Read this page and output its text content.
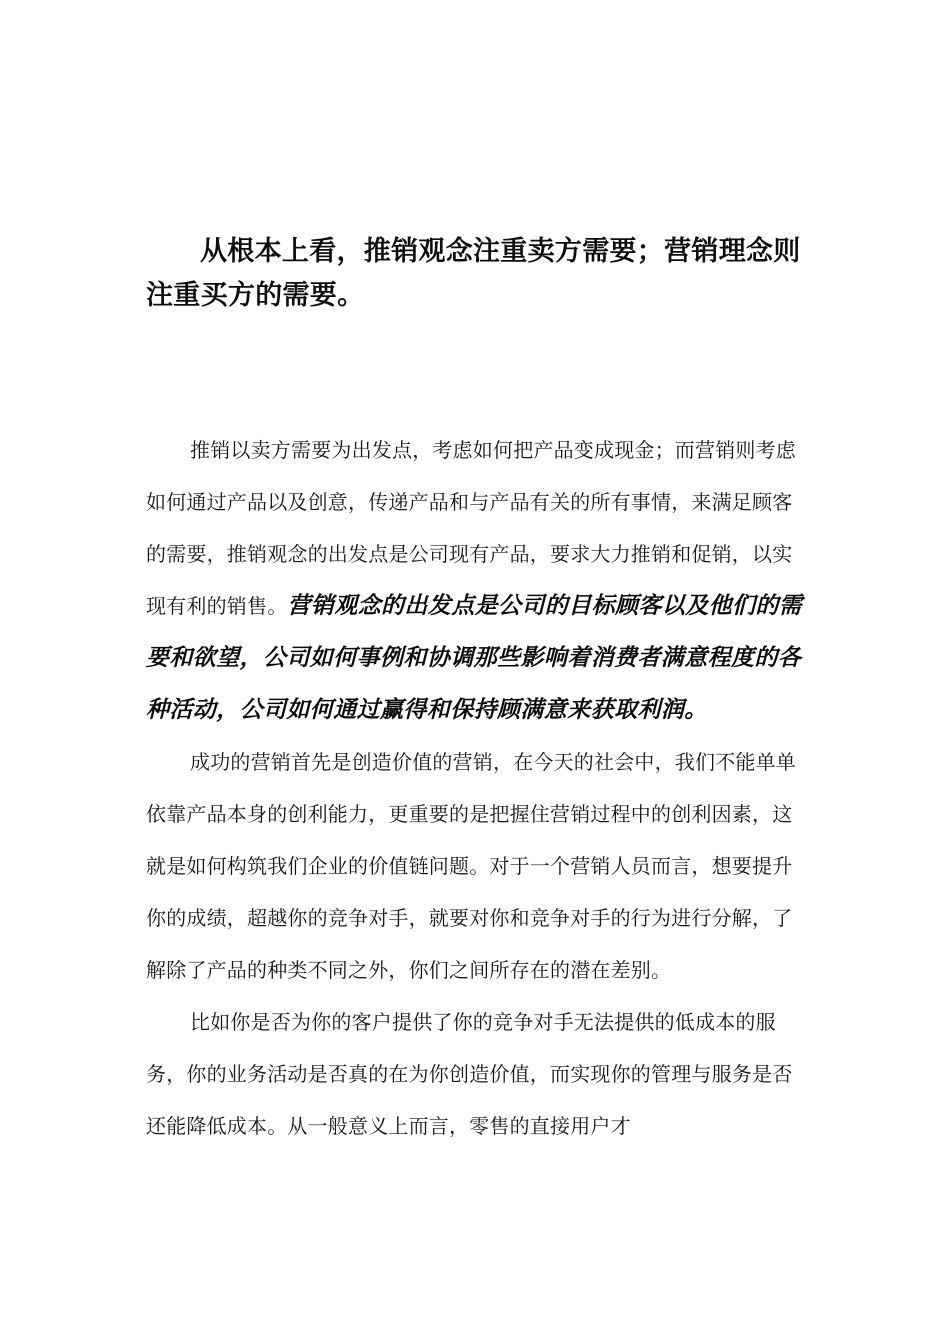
从根本上看，推销观念注重卖方需要；营销理念则注重买方的需要。

推销以卖方需要为出发点，考虑如何把产品变成现金；而营销则考虑如何通过产品以及创意，传递产品和与产品有关的所有事情，来满足顾客的需要，推销观念的出发点是公司现有产品，要求大力推销和促销，以实现有利的销售。营销观念的出发点是公司的目标顾客以及他们的需要和欲望，公司如何事例和协调那些影响着消费者满意程度的各种活动，公司如何通过赢得和保持顾满意来获取利润。

成功的营销首先是创造价值的营销，在今天的社会中，我们不能单单依靠产品本身的创利能力，更重要的是把握住营销过程中的创利因素，这就是如何构筑我们企业的价值链问题。对于一个营销人员而言，想要提升你的成绩，超越你的竞争对手，就要对你和竞争对手的行为进行分解，了解除了产品的种类不同之外，你们之间所存在的潜在差别。

比如你是否为你的客户提供了你的竞争对手无法提供的低成本的服务，你的业务活动是否真的在为你创造价值，而实现你的管理与服务是否还能降低成本。从一般意义上而言，零售的直接用户才
